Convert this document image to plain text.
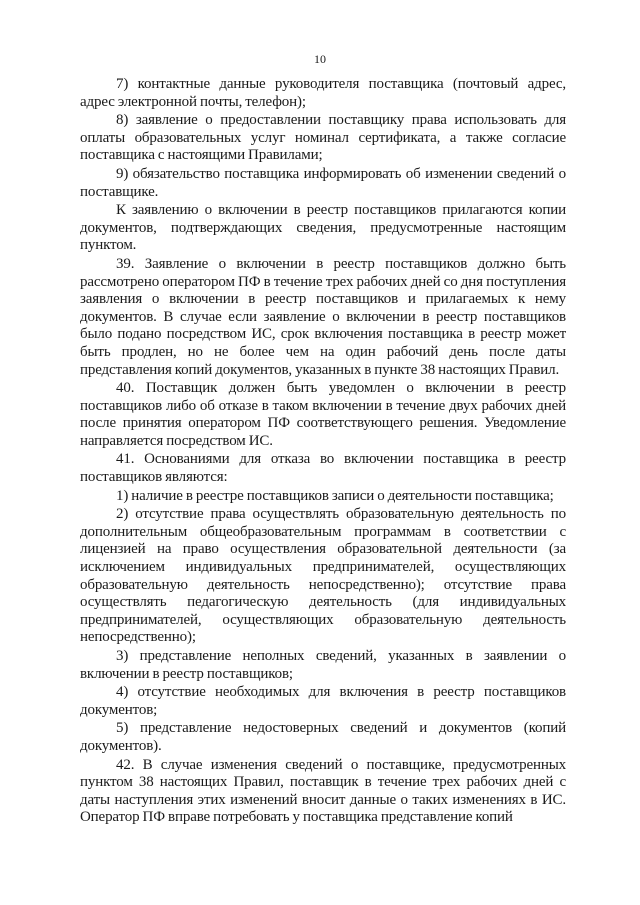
10

7) контактные данные руководителя поставщика (почтовый адрес, адрес электронной почты, телефон);

8) заявление о предоставлении поставщику права использовать для оплаты образовательных услуг номинал сертификата, а также согласие поставщика с настоящими Правилами;

9) обязательство поставщика информировать об изменении сведений о поставщике.

К заявлению о включении в реестр поставщиков прилагаются копии документов, подтверждающих сведения, предусмотренные настоящим пунктом.

39. Заявление о включении в реестр поставщиков должно быть рассмотрено оператором ПФ в течение трех рабочих дней со дня поступления заявления о включении в реестр поставщиков и прилагаемых к нему документов. В случае если заявление о включении в реестр поставщиков было подано посредством ИС, срок включения поставщика в реестр может быть продлен, но не более чем на один рабочий день после даты представления копий документов, указанных в пункте 38 настоящих Правил.

40. Поставщик должен быть уведомлен о включении в реестр поставщиков либо об отказе в таком включении в течение двух рабочих дней после принятия оператором ПФ соответствующего решения. Уведомление направляется посредством ИС.

41. Основаниями для отказа во включении поставщика в реестр поставщиков являются:

1) наличие в реестре поставщиков записи о деятельности поставщика;

2) отсутствие права осуществлять образовательную деятельность по дополнительным общеобразовательным программам в соответствии с лицензией на право осуществления образовательной деятельности (за исключением индивидуальных предпринимателей, осуществляющих образовательную деятельность непосредственно); отсутствие права осуществлять педагогическую деятельность (для индивидуальных предпринимателей, осуществляющих образовательную деятельность непосредственно);

3) представление неполных сведений, указанных в заявлении о включении в реестр поставщиков;

4) отсутствие необходимых для включения в реестр поставщиков документов;

5) представление недостоверных сведений и документов (копий документов).

42. В случае изменения сведений о поставщике, предусмотренных пунктом 38 настоящих Правил, поставщик в течение трех рабочих дней с даты наступления этих изменений вносит данные о таких изменениях в ИС. Оператор ПФ вправе потребовать у поставщика представление копий
